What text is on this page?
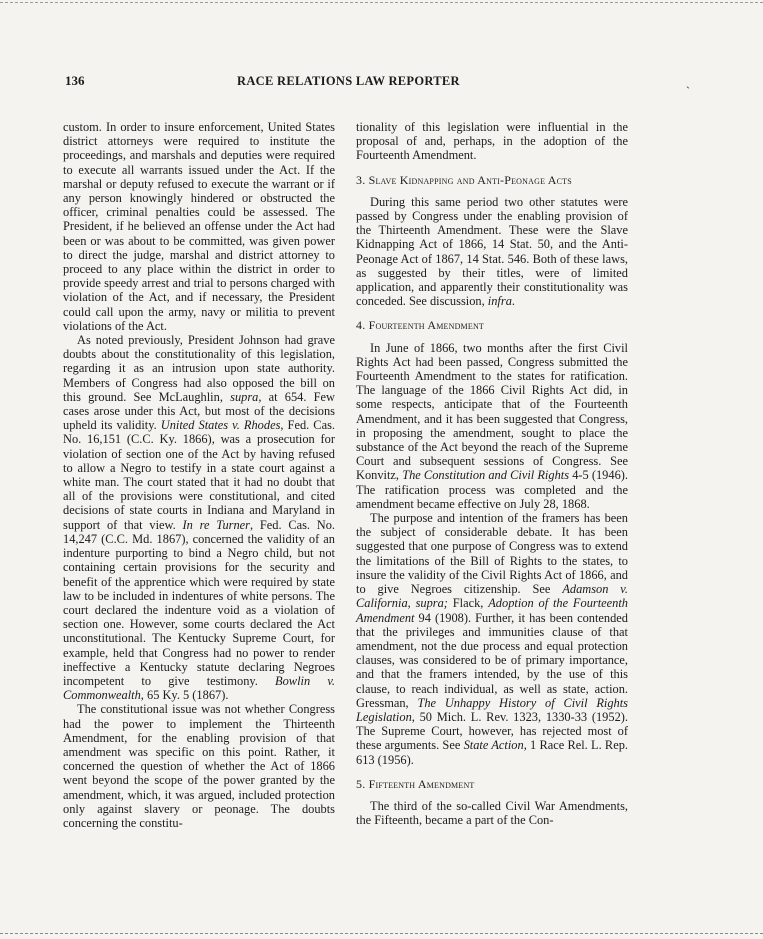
136	RACE RELATIONS LAW REPORTER	ˏ

custom. In order to insure enforcement, United States district attorneys were required to institute the proceedings, and marshals and deputies were required to execute all warrants issued under the Act. If the marshal or deputy refused to execute the warrant or if any person knowingly hindered or obstructed the officer, criminal penalties could be assessed. The President, if he believed an offense under the Act had been or was about to be committed, was given power to direct the judge, marshal and district attorney to proceed to any place within the district in order to provide speedy arrest and trial to persons charged with violation of the Act, and if necessary, the President could call upon the army, navy or militia to prevent violations of the Act.

As noted previously, President Johnson had grave doubts about the constitutionality of this legislation, regarding it as an intrusion upon state authority. Members of Congress had also opposed the bill on this ground. See McLaughlin, supra, at 654. Few cases arose under this Act, but most of the decisions upheld its validity. United States v. Rhodes, Fed. Cas. No. 16,151 (C.C. Ky. 1866), was a prosecution for violation of section one of the Act by having refused to allow a Negro to testify in a state court against a white man. The court stated that it had no doubt that all of the provisions were constitutional, and cited decisions of state courts in Indiana and Maryland in support of that view. In re Turner, Fed. Cas. No. 14,247 (C.C. Md. 1867), concerned the validity of an indenture purporting to bind a Negro child, but not containing certain provisions for the security and benefit of the apprentice which were required by state law to be included in indentures of white persons. The court declared the indenture void as a violation of section one. However, some courts declared the Act unconstitutional. The Kentucky Supreme Court, for example, held that Congress had no power to render ineffective a Kentucky statute declaring Negroes incompetent to give testimony. Bowlin v. Commonwealth, 65 Ky. 5 (1867).

The constitutional issue was not whether Congress had the power to implement the Thirteenth Amendment, for the enabling provision of that amendment was specific on this point. Rather, it concerned the question of whether the Act of 1866 went beyond the scope of the power granted by the amendment, which, it was argued, included protection only against slavery or peonage. The doubts concerning the constitu-

tionality of this legislation were influential in the proposal of and, perhaps, in the adoption of the Fourteenth Amendment.

3. Slave Kidnapping and Anti-Peonage Acts

During this same period two other statutes were passed by Congress under the enabling provision of the Thirteenth Amendment. These were the Slave Kidnapping Act of 1866, 14 Stat. 50, and the Anti-Peonage Act of 1867, 14 Stat. 546. Both of these laws, as suggested by their titles, were of limited application, and apparently their constitutionality was conceded. See discussion, infra.

4. Fourteenth Amendment

In June of 1866, two months after the first Civil Rights Act had been passed, Congress submitted the Fourteenth Amendment to the states for ratification. The language of the 1866 Civil Rights Act did, in some respects, anticipate that of the Fourteenth Amendment, and it has been suggested that Congress, in proposing the amendment, sought to place the substance of the Act beyond the reach of the Supreme Court and subsequent sessions of Congress. See Konvitz, The Constitution and Civil Rights 4-5 (1946). The ratification process was completed and the amendment became effective on July 28, 1868.

The purpose and intention of the framers has been the subject of considerable debate. It has been suggested that one purpose of Congress was to extend the limitations of the Bill of Rights to the states, to insure the validity of the Civil Rights Act of 1866, and to give Negroes citizenship. See Adamson v. California, supra; Flack, Adoption of the Fourteenth Amendment 94 (1908). Further, it has been contended that the privileges and immunities clause of that amendment, not the due process and equal protection clauses, was considered to be of primary importance, and that the framers intended, by the use of this clause, to reach individual, as well as state, action. Gressman, The Unhappy History of Civil Rights Legislation, 50 Mich. L. Rev. 1323, 1330-33 (1952). The Supreme Court, however, has rejected most of these arguments. See State Action, 1 Race Rel. L. Rep. 613 (1956).

5. Fifteenth Amendment

The third of the so-called Civil War Amendments, the Fifteenth, became a part of the Con-
